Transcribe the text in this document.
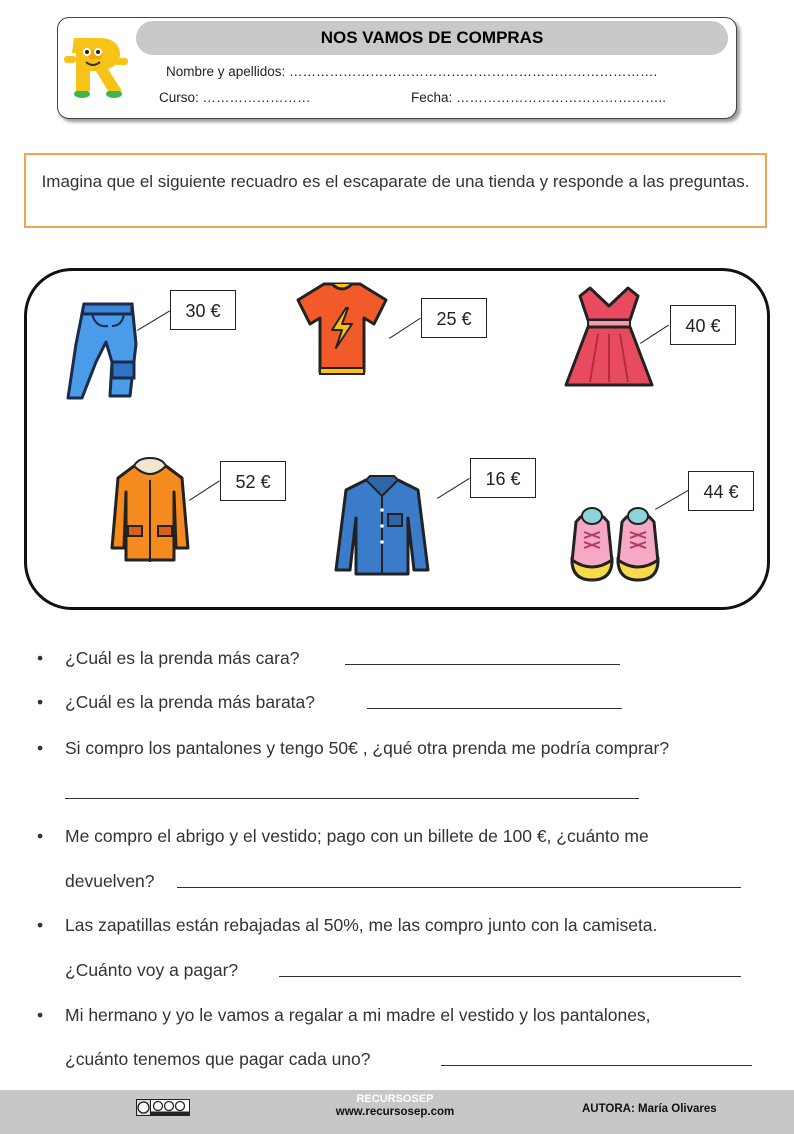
NOS VAMOS DE COMPRAS
Nombre y apellidos: ……………………………………………………………………….
Curso: ……………………	Fecha: ………………………………………..
Imagina que el siguiente recuadro es el escaparate de una tienda y responde a las preguntas.
30 €	25 €	40 €
52 €	16 €
44 €
• ¿Cuál es la prenda más cara?
• ¿Cuál es la prenda más barata?
• Si compro los pantalones y tengo 50€ , ¿qué otra prenda me podría comprar?
• Me compro el abrigo y el vestido; pago con un billete de 100 €, ¿cuánto me
devuelven?
• Las zapatillas están rebajadas al 50%, me las compro junto con la camiseta.
¿Cuánto voy a pagar?
• Mi hermano y yo le vamos a regalar a mi madre el vestido y los pantalones,
¿cuánto tenemos que pagar cada uno?
RECURSOSEP
www.recursosep.com	AUTORA: María Olivares
